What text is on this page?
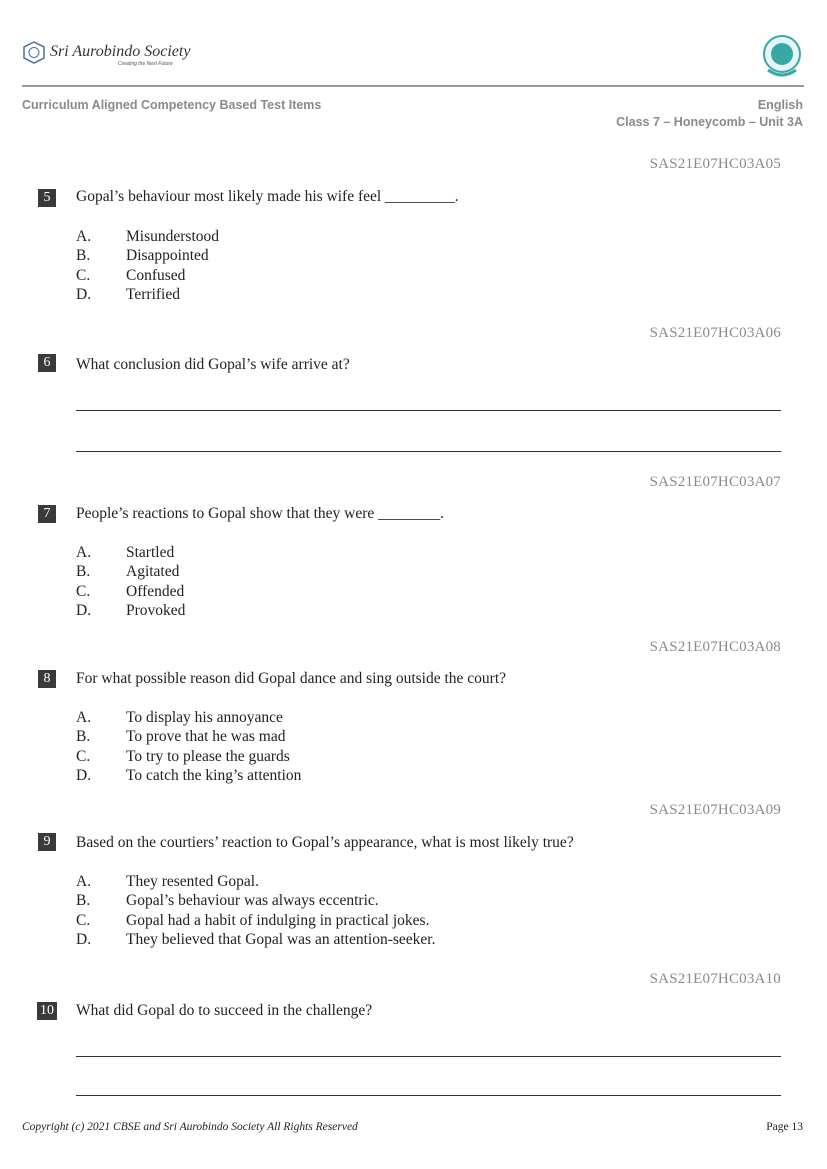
Sri Aurobindo Society
Creating the Next Future
Curriculum Aligned Competency Based Test Items	English
Class 7 – Honeycomb – Unit 3A
SAS21E07HC03A05
5	Gopal’s behaviour most likely made his wife feel _________.
A. Misunderstood
B. Disappointed
C. Confused
D. Terrified
SAS21E07HC03A06
6	What conclusion did Gopal’s wife arrive at?
SAS21E07HC03A07
7	People’s reactions to Gopal show that they were ________.
A. Startled
B. Agitated
C. Offended
D. Provoked
SAS21E07HC03A08
8	For what possible reason did Gopal dance and sing outside the court?
A. To display his annoyance
B. To prove that he was mad
C. To try to please the guards
D. To catch the king’s attention
SAS21E07HC03A09
9	Based on the courtiers’ reaction to Gopal’s appearance, what is most likely true?
A. They resented Gopal.
B. Gopal’s behaviour was always eccentric.
C. Gopal had a habit of indulging in practical jokes.
D. They believed that Gopal was an attention-seeker.
SAS21E07HC03A10
10 What did Gopal do to succeed in the challenge?
Copyright (c) 2021 CBSE and Sri Aurobindo Society All Rights Reserved	Page 13
